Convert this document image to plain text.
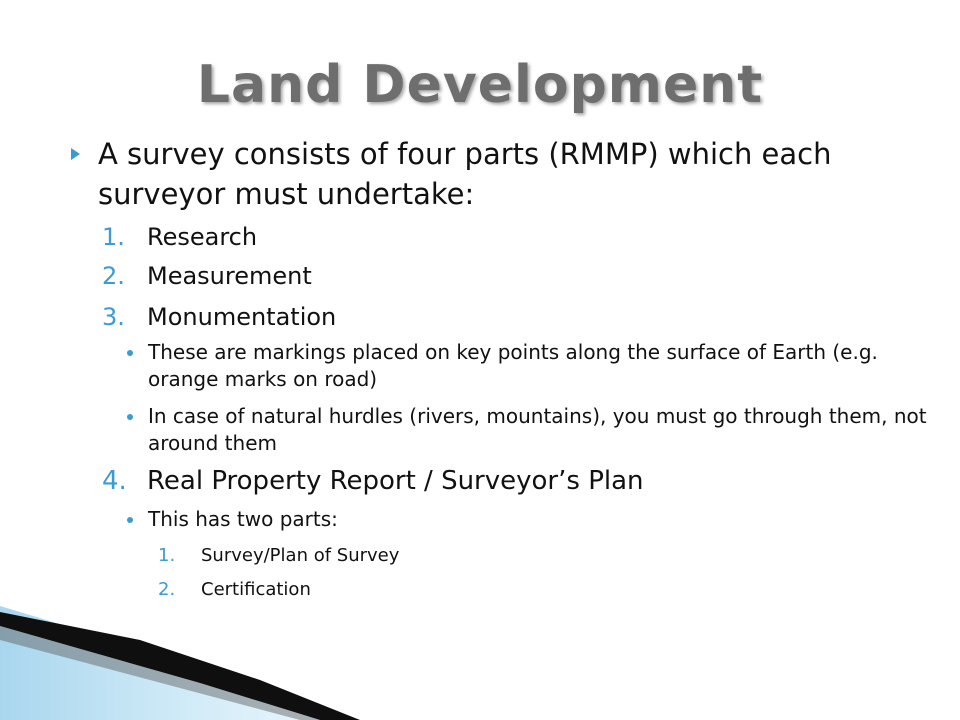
Land Development
A survey consists of four parts (RMMP) which each surveyor must undertake:
1. Research
2. Measurement
3. Monumentation
These are markings placed on key points along the surface of Earth (e.g. orange marks on road)
In case of natural hurdles (rivers, mountains), you must go through them, not around them
4. Real Property Report / Surveyor’s Plan
This has two parts:
1. Survey/Plan of Survey
2. Certification
